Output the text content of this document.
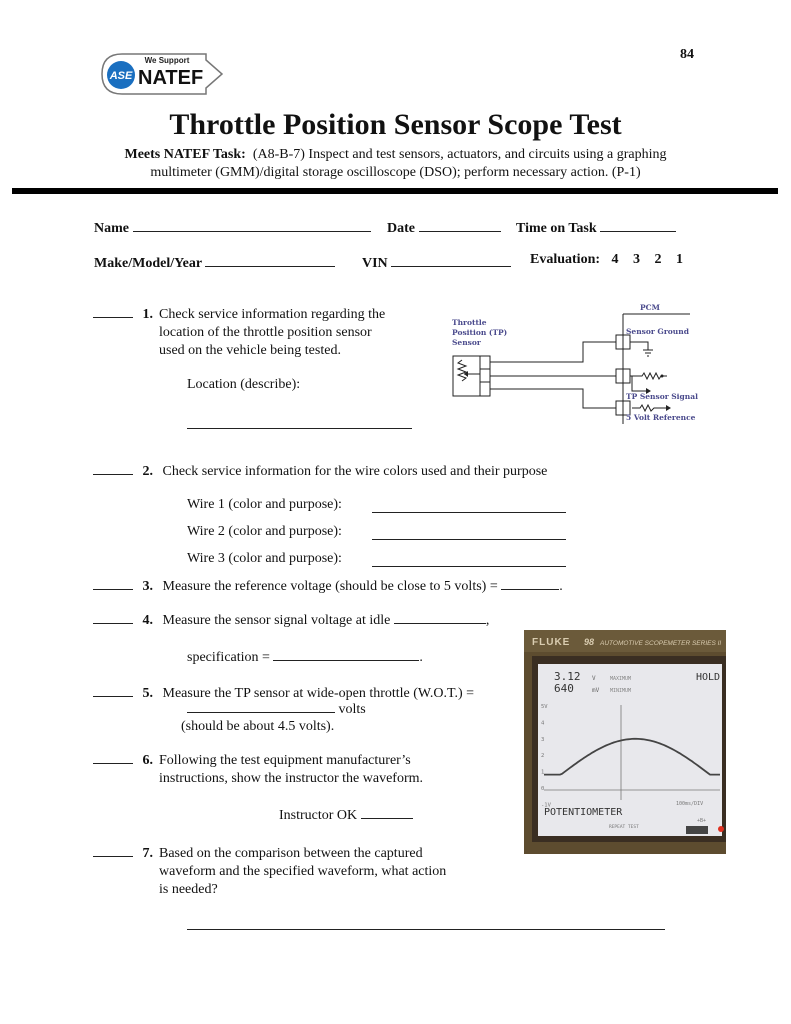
ASE
We Support
NATEF
84
Throttle Position Sensor Scope Test
Meets NATEF Task: (A8-B-7) Inspect and test sensors, actuators, and circuits using a graphing
multimeter (GMM)/digital storage oscilloscope (DSO); perform necessary action. (P-1)
Name	Date	Time on Task
Make/Model/Year	VIN	Evaluation: 4 3 2 1
1. Check service information regarding the
location of the throttle position sensor
used on the vehicle being tested.
Location (describe):
Throttle
Position (TP)
Sensor
PCM
Sensor Ground
TP Sensor Signal
5 Volt Reference
2. Check service information for the wire colors used and their purpose
Wire 1 (color and purpose):
Wire 2 (color and purpose):
Wire 3 (color and purpose):
3. Measure the reference voltage (should be close to 5 volts) =	.
4. Measure the sensor signal voltage at idle	,
specification =	.
5. Measure the TP sensor at wide-open throttle (W.O.T.) =
volts
(should be about 4.5 volts).
6. Following the test equipment manufacturer’s
instructions, show the instructor the waveform.
Instructor OK
7. Based on the comparison between the captured
waveform and the specified waveform, what action
is needed?
FLUKE 98 AUTOMOTIVE SCOPEMETER SERIES II
3.12 V	MAXIMUM
640	mV MINIMUM
HOLD
5V
4
3
2
1
0
-1V	100ms/DIV
POTENTIOMETER
+B+
REPEAT TEST
